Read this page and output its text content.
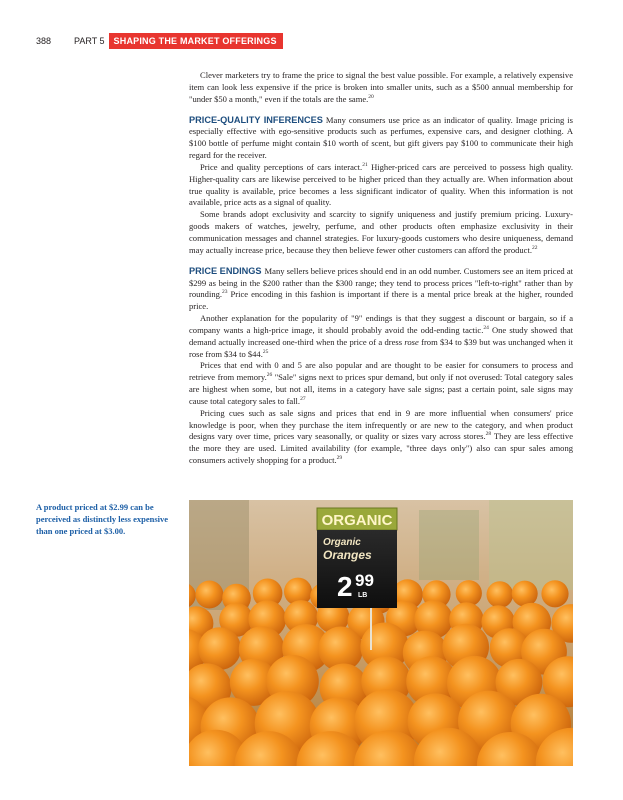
388	PART 5	SHAPING THE MARKET OFFERINGS

Clever marketers try to frame the price to signal the best value possible. For example, a relatively expensive item can look less expensive if the price is broken into smaller units, such as a $500 annual membership for "under $50 a month," even if the totals are the same.$^{20}$

PRICE-QUALITY INFERENCES Many consumers use price as an indicator of quality. Image pricing is especially effective with ego-sensitive products such as perfumes, expensive cars, and designer clothing. A $100 bottle of perfume might contain $10 worth of scent, but gift givers pay $100 to communicate their high regard for the receiver.

Price and quality perceptions of cars interact.$^{21}$ Higher-priced cars are perceived to possess high quality. Higher-quality cars are likewise perceived to be higher priced than they actually are. When information about true quality is available, price becomes a less significant indicator of quality. When this information is not available, price acts as a signal of quality.

Some brands adopt exclusivity and scarcity to signify uniqueness and justify premium pricing. Luxury-goods makers of watches, jewelry, perfume, and other products often emphasize exclusivity in their communication messages and channel strategies. For luxury-goods customers who desire uniqueness, demand may actually increase price, because they then believe fewer other customers can afford the product.$^{22}$

PRICE ENDINGS Many sellers believe prices should end in an odd number. Customers see an item priced at $299 as being in the $200 rather than the $300 range; they tend to process prices "left-to-right" rather than by rounding.$^{23}$ Price encoding in this fashion is important if there is a mental price break at the higher, rounded price.

Another explanation for the popularity of "9" endings is that they suggest a discount or bargain, so if a company wants a high-price image, it should probably avoid the odd-ending tactic.$^{24}$ One study showed that demand actually increased one-third when the price of a dress rose from $34 to $39 but was unchanged when it rose from $34 to $44.25

Prices that end with 0 and 5 are also popular and are thought to be easier for consumers to process and retrieve from memory.$^{26}$ "Sale" signs next to prices spur demand, but only if not overused: Total category sales are highest when some, but not all, items in a category have sale signs; past a certain point, sale signs may cause total category sales to fall.$^{27}$

Pricing cues such as sale signs and prices that end in 9 are more influential when consumers' price knowledge is poor, when they purchase the item infrequently or are new to the category, and when product designs vary over time, prices vary seasonally, or quality or sizes vary across stores.$^{28}$ They are less effective the more they are used. Limited availability (for example, "three days only") also can spur sales among consumers actively shopping for a product.$^{29}$

A product priced at $2.99 can be perceived as distinctly less expensive than one priced at $3.00.
ORGANIC
Organic
Oranges
2 99
LB
